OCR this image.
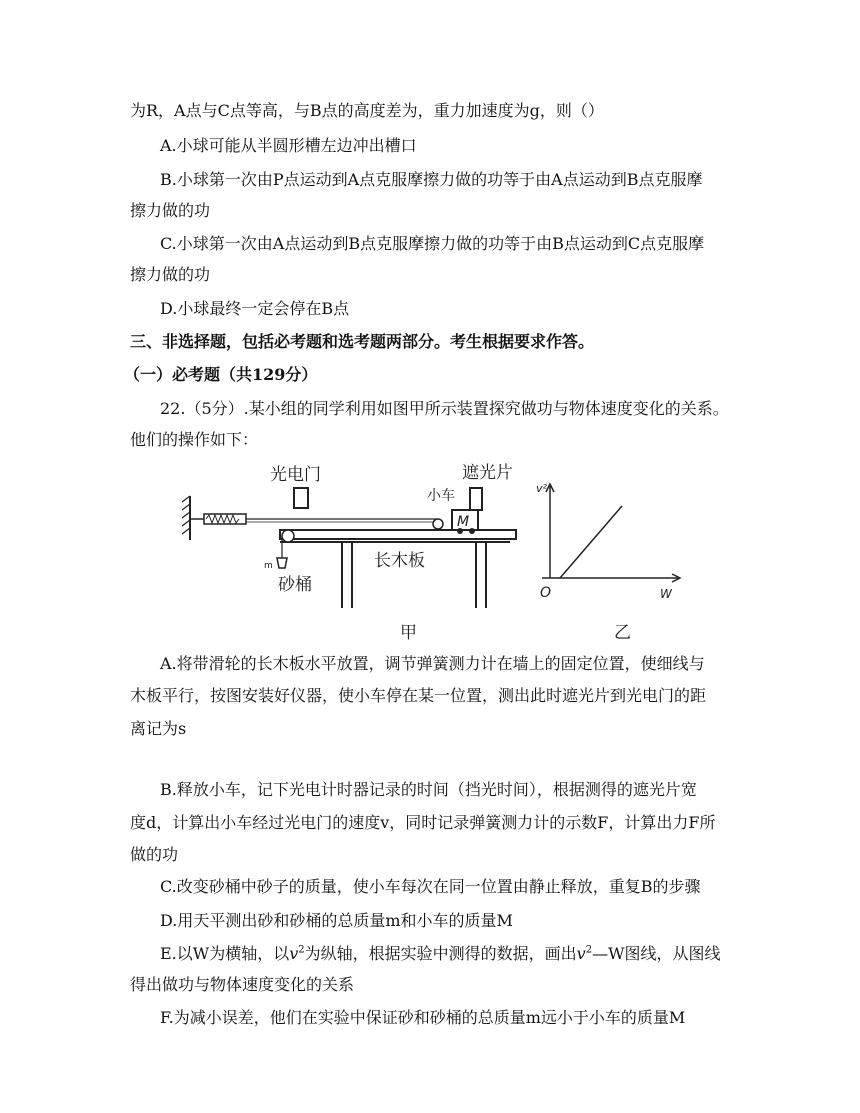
为R，A点与C点等高，与B点的高度差为，重力加速度为g，则（）
A.小球可能从半圆形槽左边冲出槽口
B.小球第一次由P点运动到A点克服摩擦力做的功等于由A点运动到B点克服摩
擦力做的功
C.小球第一次由A点运动到B点克服摩擦力做的功等于由B点运动到C点克服摩
擦力做的功
D.小球最终一定会停在B点
三、非选择题，包括必考题和选考题两部分。考生根据要求作答。
（一）必考题（共129分）
22.（5分）.某小组的同学利用如图甲所示装置探究做功与物体速度变化的关系。
他们的操作如下：
光电门	遮光片
小车
M
长木板
m
砂桶
甲
v²
O	W
乙
A.将带滑轮的长木板水平放置，调节弹簧测力计在墙上的固定位置，使细线与
木板平行，按图安装好仪器，使小车停在某一位置，测出此时遮光片到光电门的距
离记为s
B.释放小车，记下光电计时器记录的时间（挡光时间），根据测得的遮光片宽
度d，计算出小车经过光电门的速度v，同时记录弹簧测力计的示数F，计算出力F所
做的功
C.改变砂桶中砂子的质量，使小车每次在同一位置由静止释放，重复B的步骤
D.用天平测出砂和砂桶的总质量m和小车的质量M
E.以W为横轴，以$v^2$为纵轴，根据实验中测得的数据，画出$v^2—W$图线，从图线
得出做功与物体速度变化的关系
F.为减小误差，他们在实验中保证砂和砂桶的总质量m远小于小车的质量M
